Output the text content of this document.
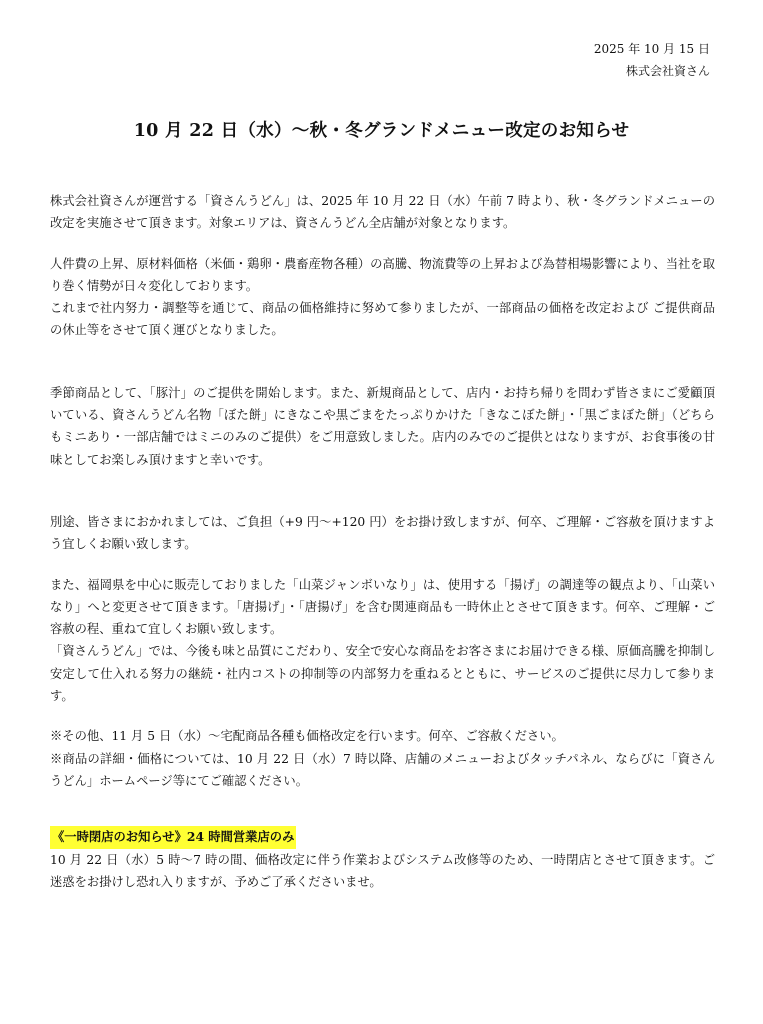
2025 年 10 月 15 日
株式会社資さん
10 月 22 日（水）〜秋・冬グランドメニュー改定のお知らせ

株式会社資さんが運営する「資さんうどん」は、2025 年 10 月 22 日（水）午前 7 時より、秋・冬グランドメニューの改定を実施させて頂きます。対象エリアは、資さんうどん全店舗が対象となります。

人件費の上昇、原材料価格（米価・鶏卵・農畜産物各種）の高騰、物流費等の上昇および為替相場影響により、当社を取り巻く情勢が日々変化しております。

これまで社内努力・調整等を通じて、商品の価格維持に努めて参りましたが、一部商品の価格を改定および ご提供商品の休止等をさせて頂く運びとなりました。

季節商品として、「豚汁」のご提供を開始します。また、新規商品として、店内・お持ち帰りを問わず皆さまにご愛顧頂いている、資さんうどん名物「ぼた餅」にきなこや黒ごまをたっぷりかけた「きなこぼた餅」・「黒ごまぼた餅」（どちらもミニあり・一部店舗ではミニのみのご提供）をご用意致しました。店内のみでのご提供とはなりますが、お食事後の甘味としてお楽しみ頂けますと幸いです。

別途、皆さまにおかれましては、ご負担（+9 円〜+120 円）をお掛け致しますが、何卒、ご理解・ご容赦を頂けますよう宜しくお願い致します。

また、福岡県を中心に販売しておりました「山菜ジャンボいなり」は、使用する「揚げ」の調達等の観点より、「山菜いなり」へと変更させて頂きます。「唐揚げ」・「唐揚げ」を含む関連商品も一時休止とさせて頂きます。何卒、ご理解・ご容赦の程、重ねて宜しくお願い致します。

「資さんうどん」では、今後も味と品質にこだわり、安全で安心な商品をお客さまにお届けできる様、原価高騰を抑制し安定して仕入れる努力の継続・社内コストの抑制等の内部努力を重ねるとともに、サービスのご提供に尽力して参ります。

※その他、11 月 5 日（水）〜宅配商品各種も価格改定を行います。何卒、ご容赦ください。

※商品の詳細・価格については、10 月 22 日（水）7 時以降、店舗のメニューおよびタッチパネル、ならびに「資さんうどん」ホームページ等にてご確認ください。

《一時閉店のお知らせ》24 時間営業店のみ

10 月 22 日（水）5 時〜7 時の間、価格改定に伴う作業およびシステム改修等のため、一時閉店とさせて頂きます。ご迷惑をお掛けし恐れ入りますが、予めご了承くださいませ。
